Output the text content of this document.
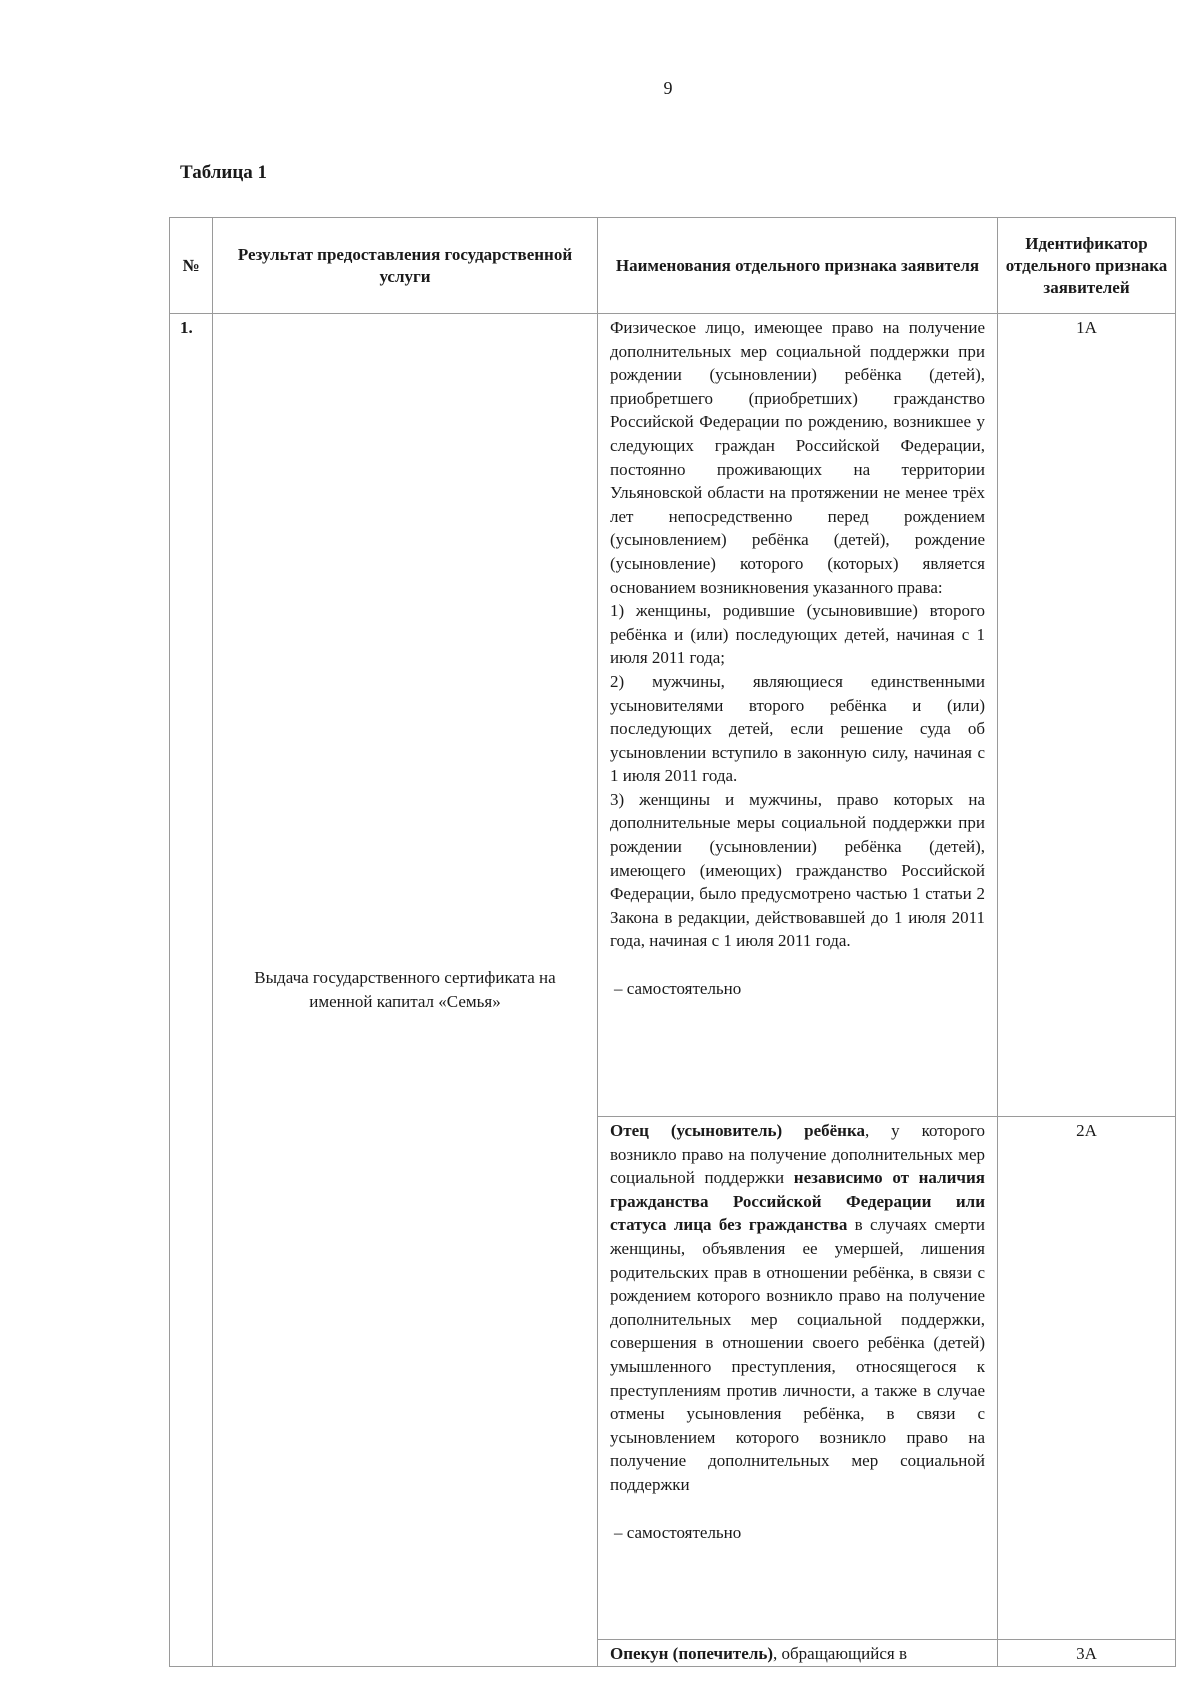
9
Таблица 1
№	Результат предоставления государственной услуги	Наименования отдельного признака заявителя	Идентификатор отдельного признака заявителей
1.	Выдача государственного сертификата на именной капитал «Семья»	Физическое лицо, имеющее право на получение дополнительных мер социальной поддержки при рождении (усыновлении) ребёнка (детей), приобретшего (приобретших) гражданство Российской Федерации по рождению, возникшее у следующих граждан Российской Федерации, постоянно проживающих на территории Ульяновской области на протяжении не менее трёх лет непосредственно перед рождением (усыновлением) ребёнка (детей), рождение (усыновление) которого (которых) является основанием возникновения указанного права:
1) женщины, родившие (усыновившие) второго ребёнка и (или) последующих детей, начиная с 1 июля 2011 года;
2) мужчины, являющиеся единственными усыновителями второго ребёнка и (или) последующих детей, если решение суда об усыновлении вступило в законную силу, начиная с 1 июля 2011 года.
3) женщины и мужчины, право которых на дополнительные меры социальной поддержки при рождении (усыновлении) ребёнка (детей), имеющего (имеющих) гражданство Российской Федерации, было предусмотрено частью 1 статьи 2 Закона в редакции, действовавшей до 1 июля 2011 года, начиная с 1 июля 2011 года.
– самостоятельно	1А

		Отец (усыновитель) ребёнка, у которого возникло право на получение дополнительных мер социальной поддержки независимо от наличия гражданства Российской Федерации или статуса лица без гражданства в случаях смерти женщины, объявления ее умершей, лишения родительских прав в отношении ребёнка, в связи с рождением которого возникло право на получение дополнительных мер социальной поддержки, совершения в отношении своего ребёнка (детей) умышленного преступления, относящегося к преступлениям против личности, а также в случае отмены усыновления ребёнка, в связи с усыновлением которого возникло право на получение дополнительных мер социальной поддержки
– самостоятельно	2А

		Опекун (попечитель), обращающийся в	3А
